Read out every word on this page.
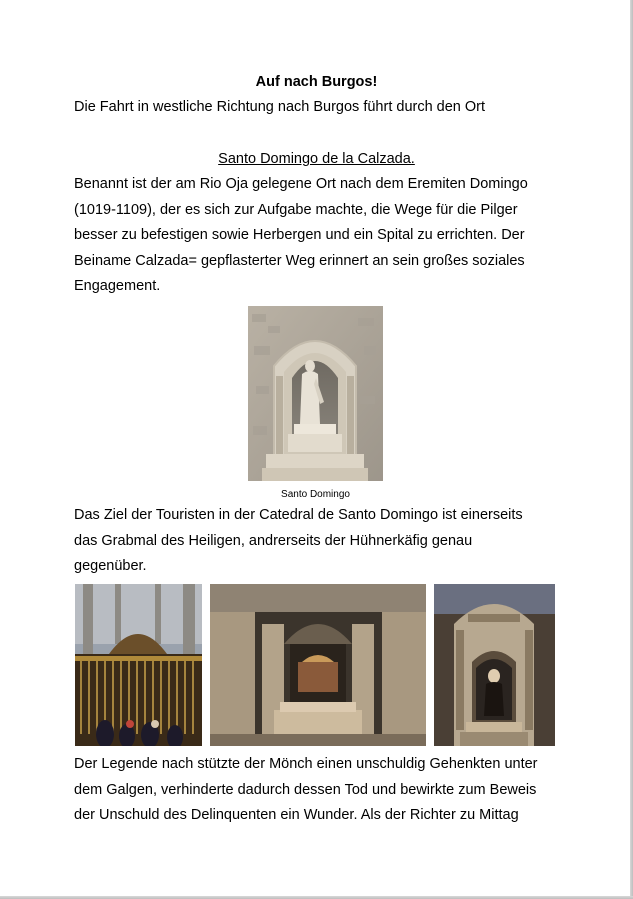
Auf nach Burgos!

Die Fahrt in westliche Richtung nach Burgos führt durch den Ort

Santo Domingo de la Calzada.

Benannt ist der am Rio Oja gelegene Ort nach dem Eremiten Domingo
(1019-1109), der es sich zur Aufgabe machte, die Wege für die Pilger
besser zu befestigen sowie Herbergen und ein Spital zu errichten. Der
Beiname Calzada= gepflasterter Weg erinnert an sein großes soziales
Engagement.

Santo Domingo

Das Ziel der Touristen in der Catedral de Santo Domingo ist einerseits
das Grabmal des Heiligen, andrerseits der Hühnerkäfig genau
gegenüber.

Der Legende nach stützte der Mönch einen unschuldig Gehenkten unter
dem Galgen, verhinderte dadurch dessen Tod und bewirkte zum Beweis
der Unschuld des Delinquenten ein Wunder. Als der Richter zu Mittag
